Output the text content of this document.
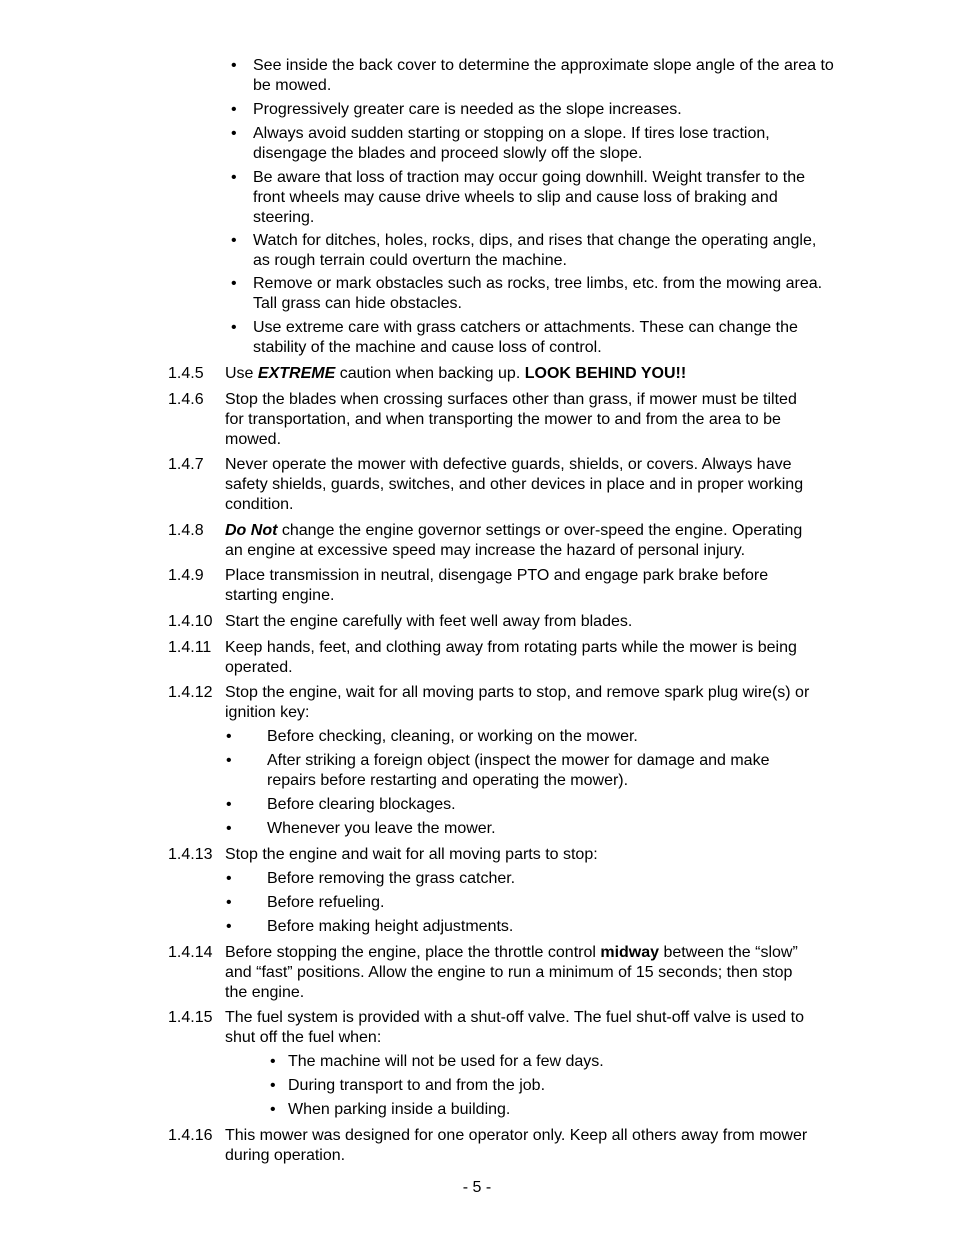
• See inside the back cover to determine the approximate slope angle of the area to
be mowed.
• Progressively greater care is needed as the slope increases.
• Always avoid sudden starting or stopping on a slope. If tires lose traction,
disengage the blades and proceed slowly off the slope.
• Be aware that loss of traction may occur going downhill. Weight transfer to the
front wheels may cause drive wheels to slip and cause loss of braking and
steering.
• Watch for ditches, holes, rocks, dips, and rises that change the operating angle,
as rough terrain could overturn the machine.
• Remove or mark obstacles such as rocks, tree limbs, etc. from the mowing area.
Tall grass can hide obstacles.
• Use extreme care with grass catchers or attachments. These can change the
stability of the machine and cause loss of control.
1.4.5 Use EXTREME caution when backing up. LOOK BEHIND YOU!!
1.4.6 Stop the blades when crossing surfaces other than grass, if mower must be tilted
for transportation, and when transporting the mower to and from the area to be
mowed.
1.4.7 Never operate the mower with defective guards, shields, or covers. Always have
safety shields, guards, switches, and other devices in place and in proper working
condition.
1.4.8 Do Not change the engine governor settings or over-speed the engine. Operating
an engine at excessive speed may increase the hazard of personal injury.
1.4.9 Place transmission in neutral, disengage PTO and engage park brake before
starting engine.
1.4.10 Start the engine carefully with feet well away from blades.
1.4.11 Keep hands, feet, and clothing away from rotating parts while the mower is being
operated.
1.4.12 Stop the engine, wait for all moving parts to stop, and remove spark plug wire(s) or
ignition key:
• Before checking, cleaning, or working on the mower.
• After striking a foreign object (inspect the mower for damage and make
repairs before restarting and operating the mower).
• Before clearing blockages.
• Whenever you leave the mower.
1.4.13 Stop the engine and wait for all moving parts to stop:
• Before removing the grass catcher.
• Before refueling.
• Before making height adjustments.
1.4.14 Before stopping the engine, place the throttle control midway between the “slow”
and “fast” positions. Allow the engine to run a minimum of 15 seconds; then stop
the engine.
1.4.15 The fuel system is provided with a shut-off valve. The fuel shut-off valve is used to
shut off the fuel when:
• The machine will not be used for a few days.
• During transport to and from the job.
• When parking inside a building.
1.4.16 This mower was designed for one operator only. Keep all others away from mower
during operation.
- 5 -
